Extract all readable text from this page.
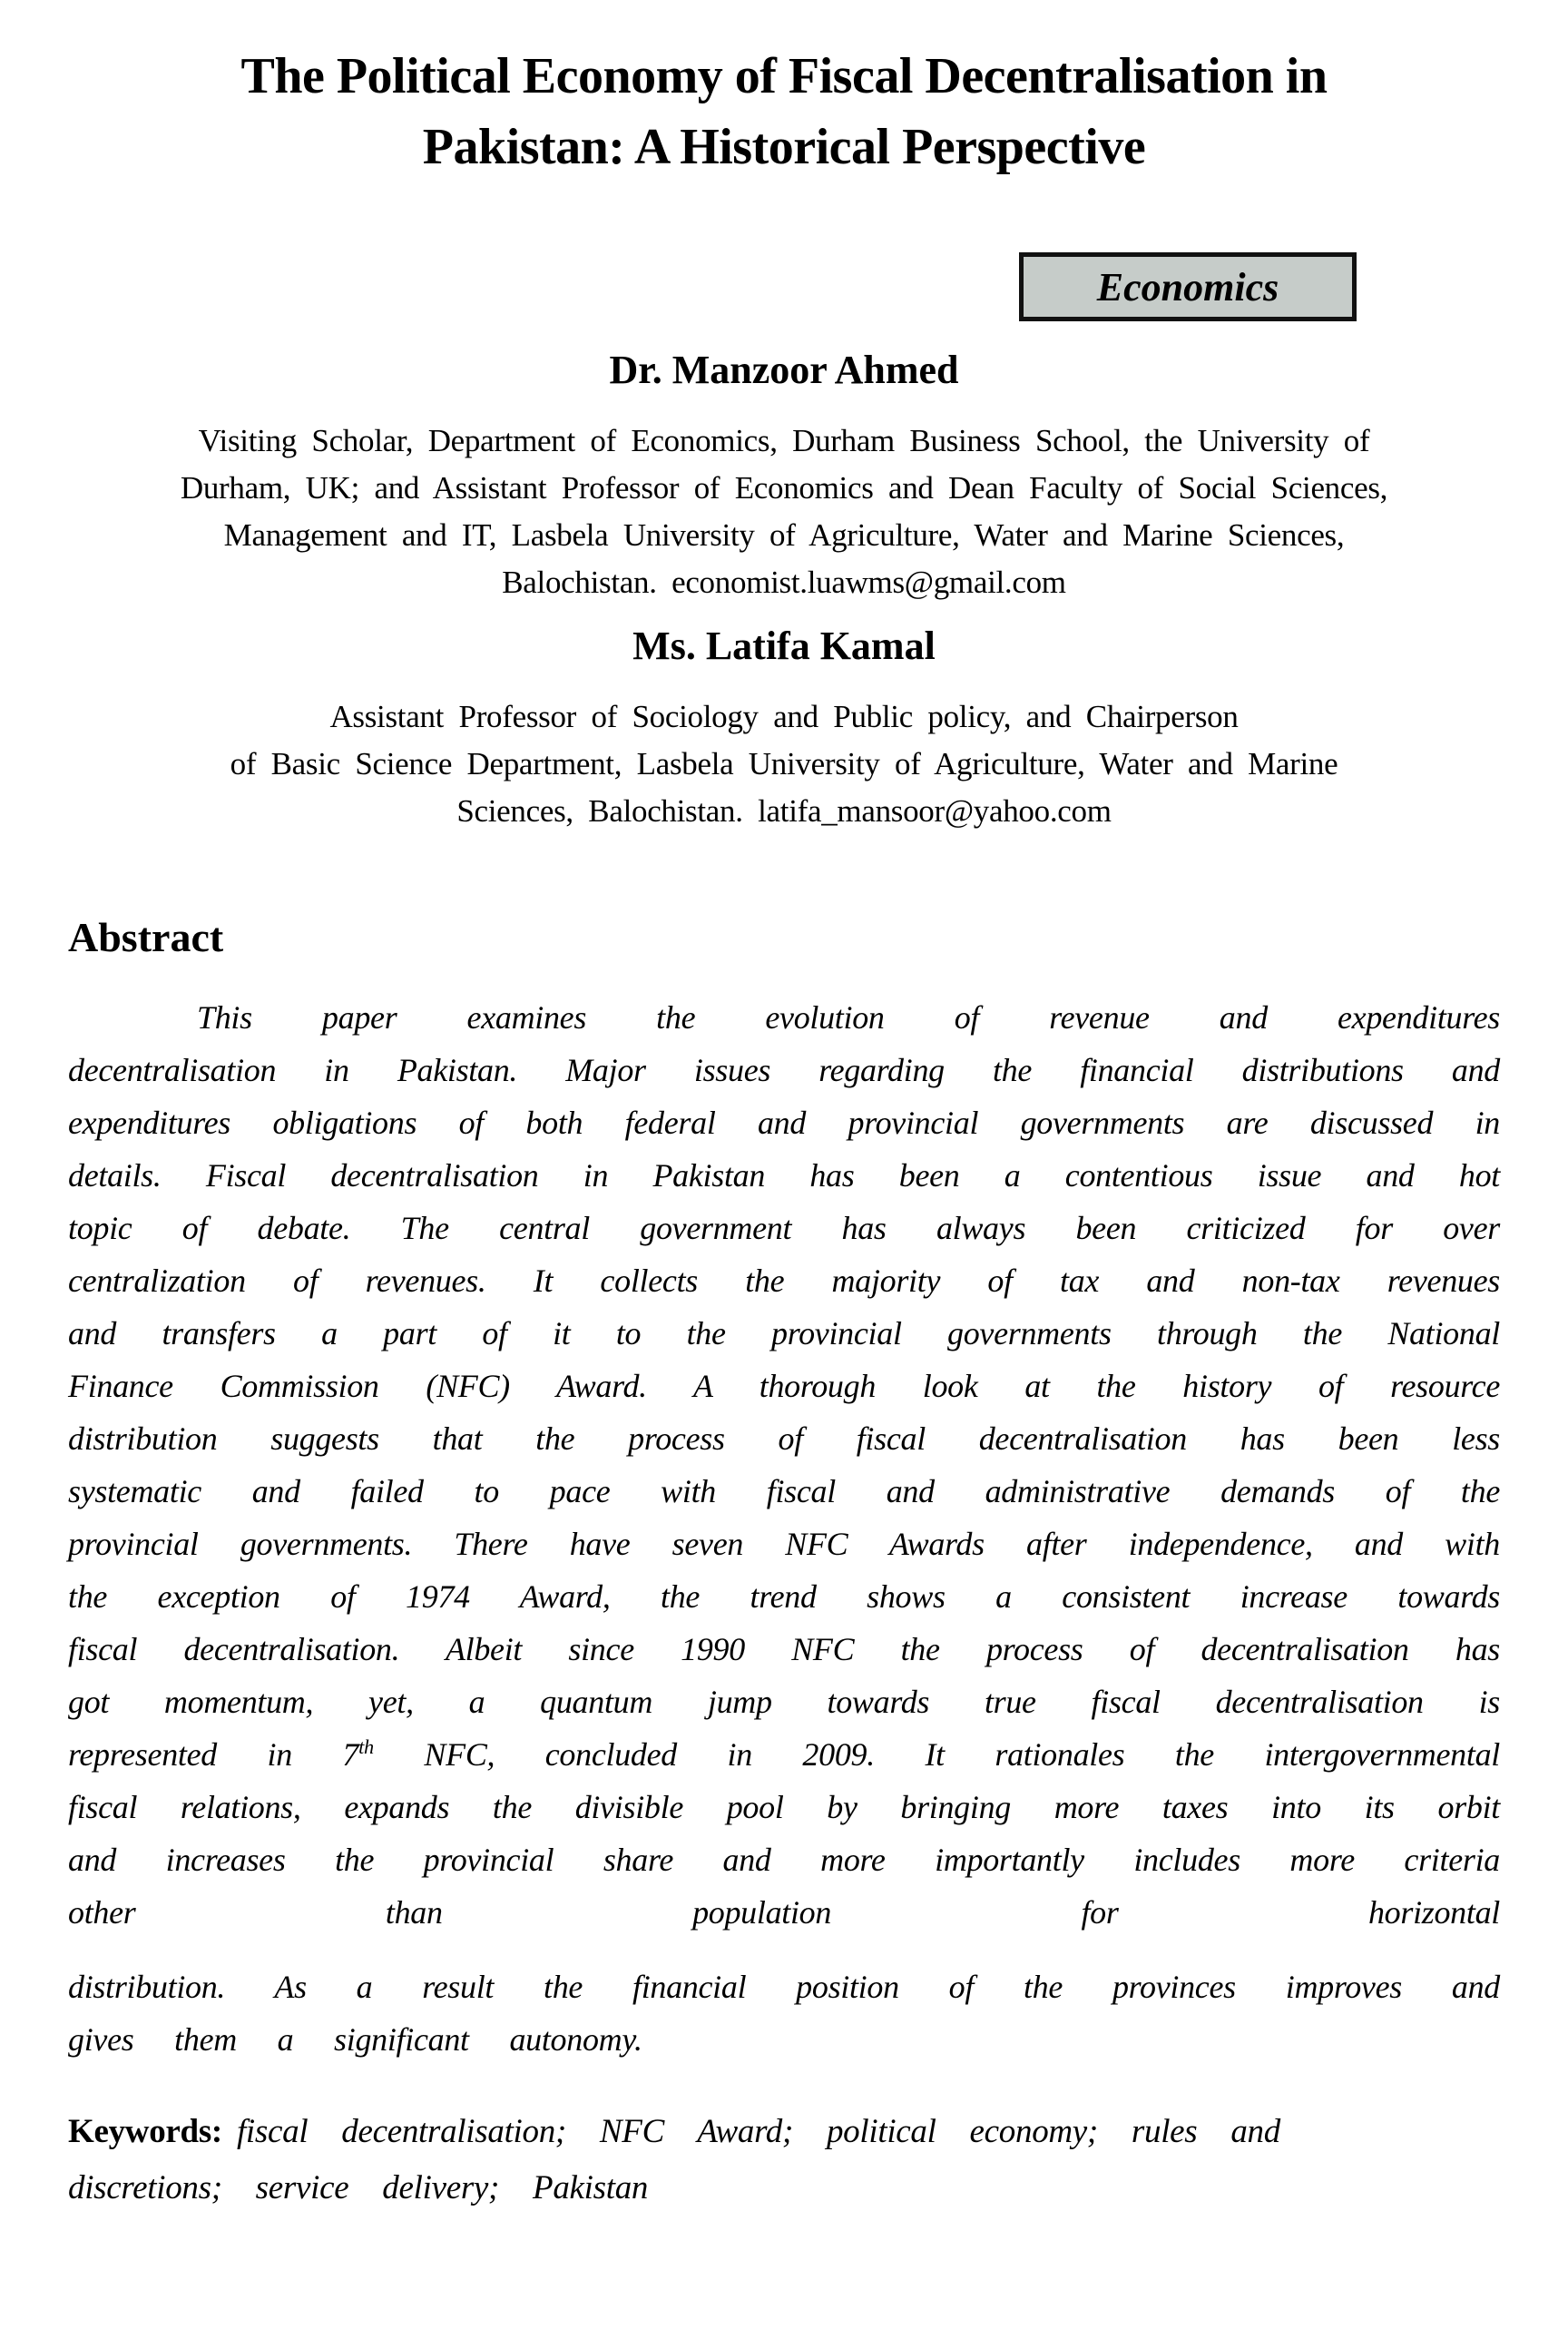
The Political Economy of Fiscal Decentralisation in
Pakistan: A Historical Perspective
Economics
Dr. Manzoor Ahmed
Visiting Scholar, Department of Economics, Durham Business School, the University of
Durham, UK; and Assistant Professor of Economics and Dean Faculty of Social Sciences,
Management and IT, Lasbela University of Agriculture, Water and Marine Sciences,
Balochistan. economist.luawms@gmail.com
Ms. Latifa Kamal
Assistant Professor of Sociology and Public policy, and Chairperson
of Basic Science Department, Lasbela University of Agriculture, Water and Marine
Sciences, Balochistan. latifa_mansoor@yahoo.com
Abstract

This paper examines the evolution of revenue and expenditures decentralisation in Pakistan. Major issues regarding the financial distributions and expenditures obligations of both federal and provincial governments are discussed in details. Fiscal decentralisation in Pakistan has been a contentious issue and hot topic of debate. The central government has always been criticized for over centralization of revenues. It collects the majority of tax and non-tax revenues and transfers a part of it to the provincial governments through the National Finance Commission (NFC) Award. A thorough look at the history of resource distribution suggests that the process of fiscal decentralisation has been less systematic and failed to pace with fiscal and administrative demands of the provincial governments. There have seven NFC Awards after independence, and with the exception of 1974 Award, the trend shows a consistent increase towards fiscal decentralisation. Albeit since 1990 NFC the process of decentralisation has got momentum, yet, a quantum jump towards true fiscal decentralisation is represented in 7th NFC, concluded in 2009. It rationales the intergovernmental fiscal relations, expands the divisible pool by bringing more taxes into its orbit and increases the provincial share and more importantly includes more criteria other than population for horizontal

distribution. As a result the financial position of the provinces improves and gives them a significant autonomy.

Keywords: fiscal decentralisation; NFC Award; political economy; rules and discretions; service delivery; Pakistan
